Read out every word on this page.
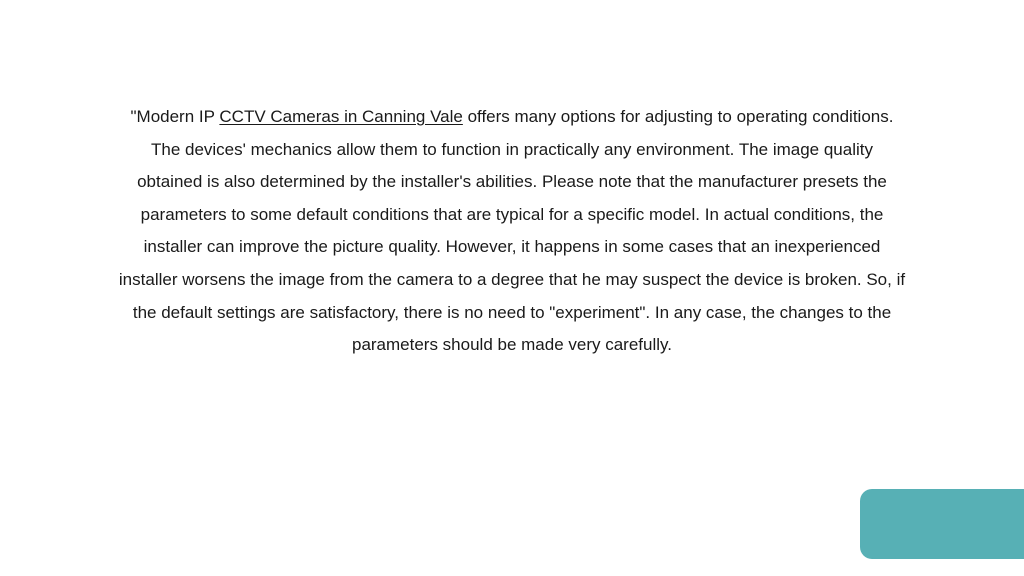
"Modern IP CCTV Cameras in Canning Vale offers many options for adjusting to operating conditions. The devices' mechanics allow them to function in practically any environment. The image quality obtained is also determined by the installer's abilities. Please note that the manufacturer presets the parameters to some default conditions that are typical for a specific model. In actual conditions, the installer can improve the picture quality. However, it happens in some cases that an inexperienced installer worsens the image from the camera to a degree that he may suspect the device is broken. So, if the default settings are satisfactory, there is no need to "experiment". In any case, the changes to the parameters should be made very carefully.
